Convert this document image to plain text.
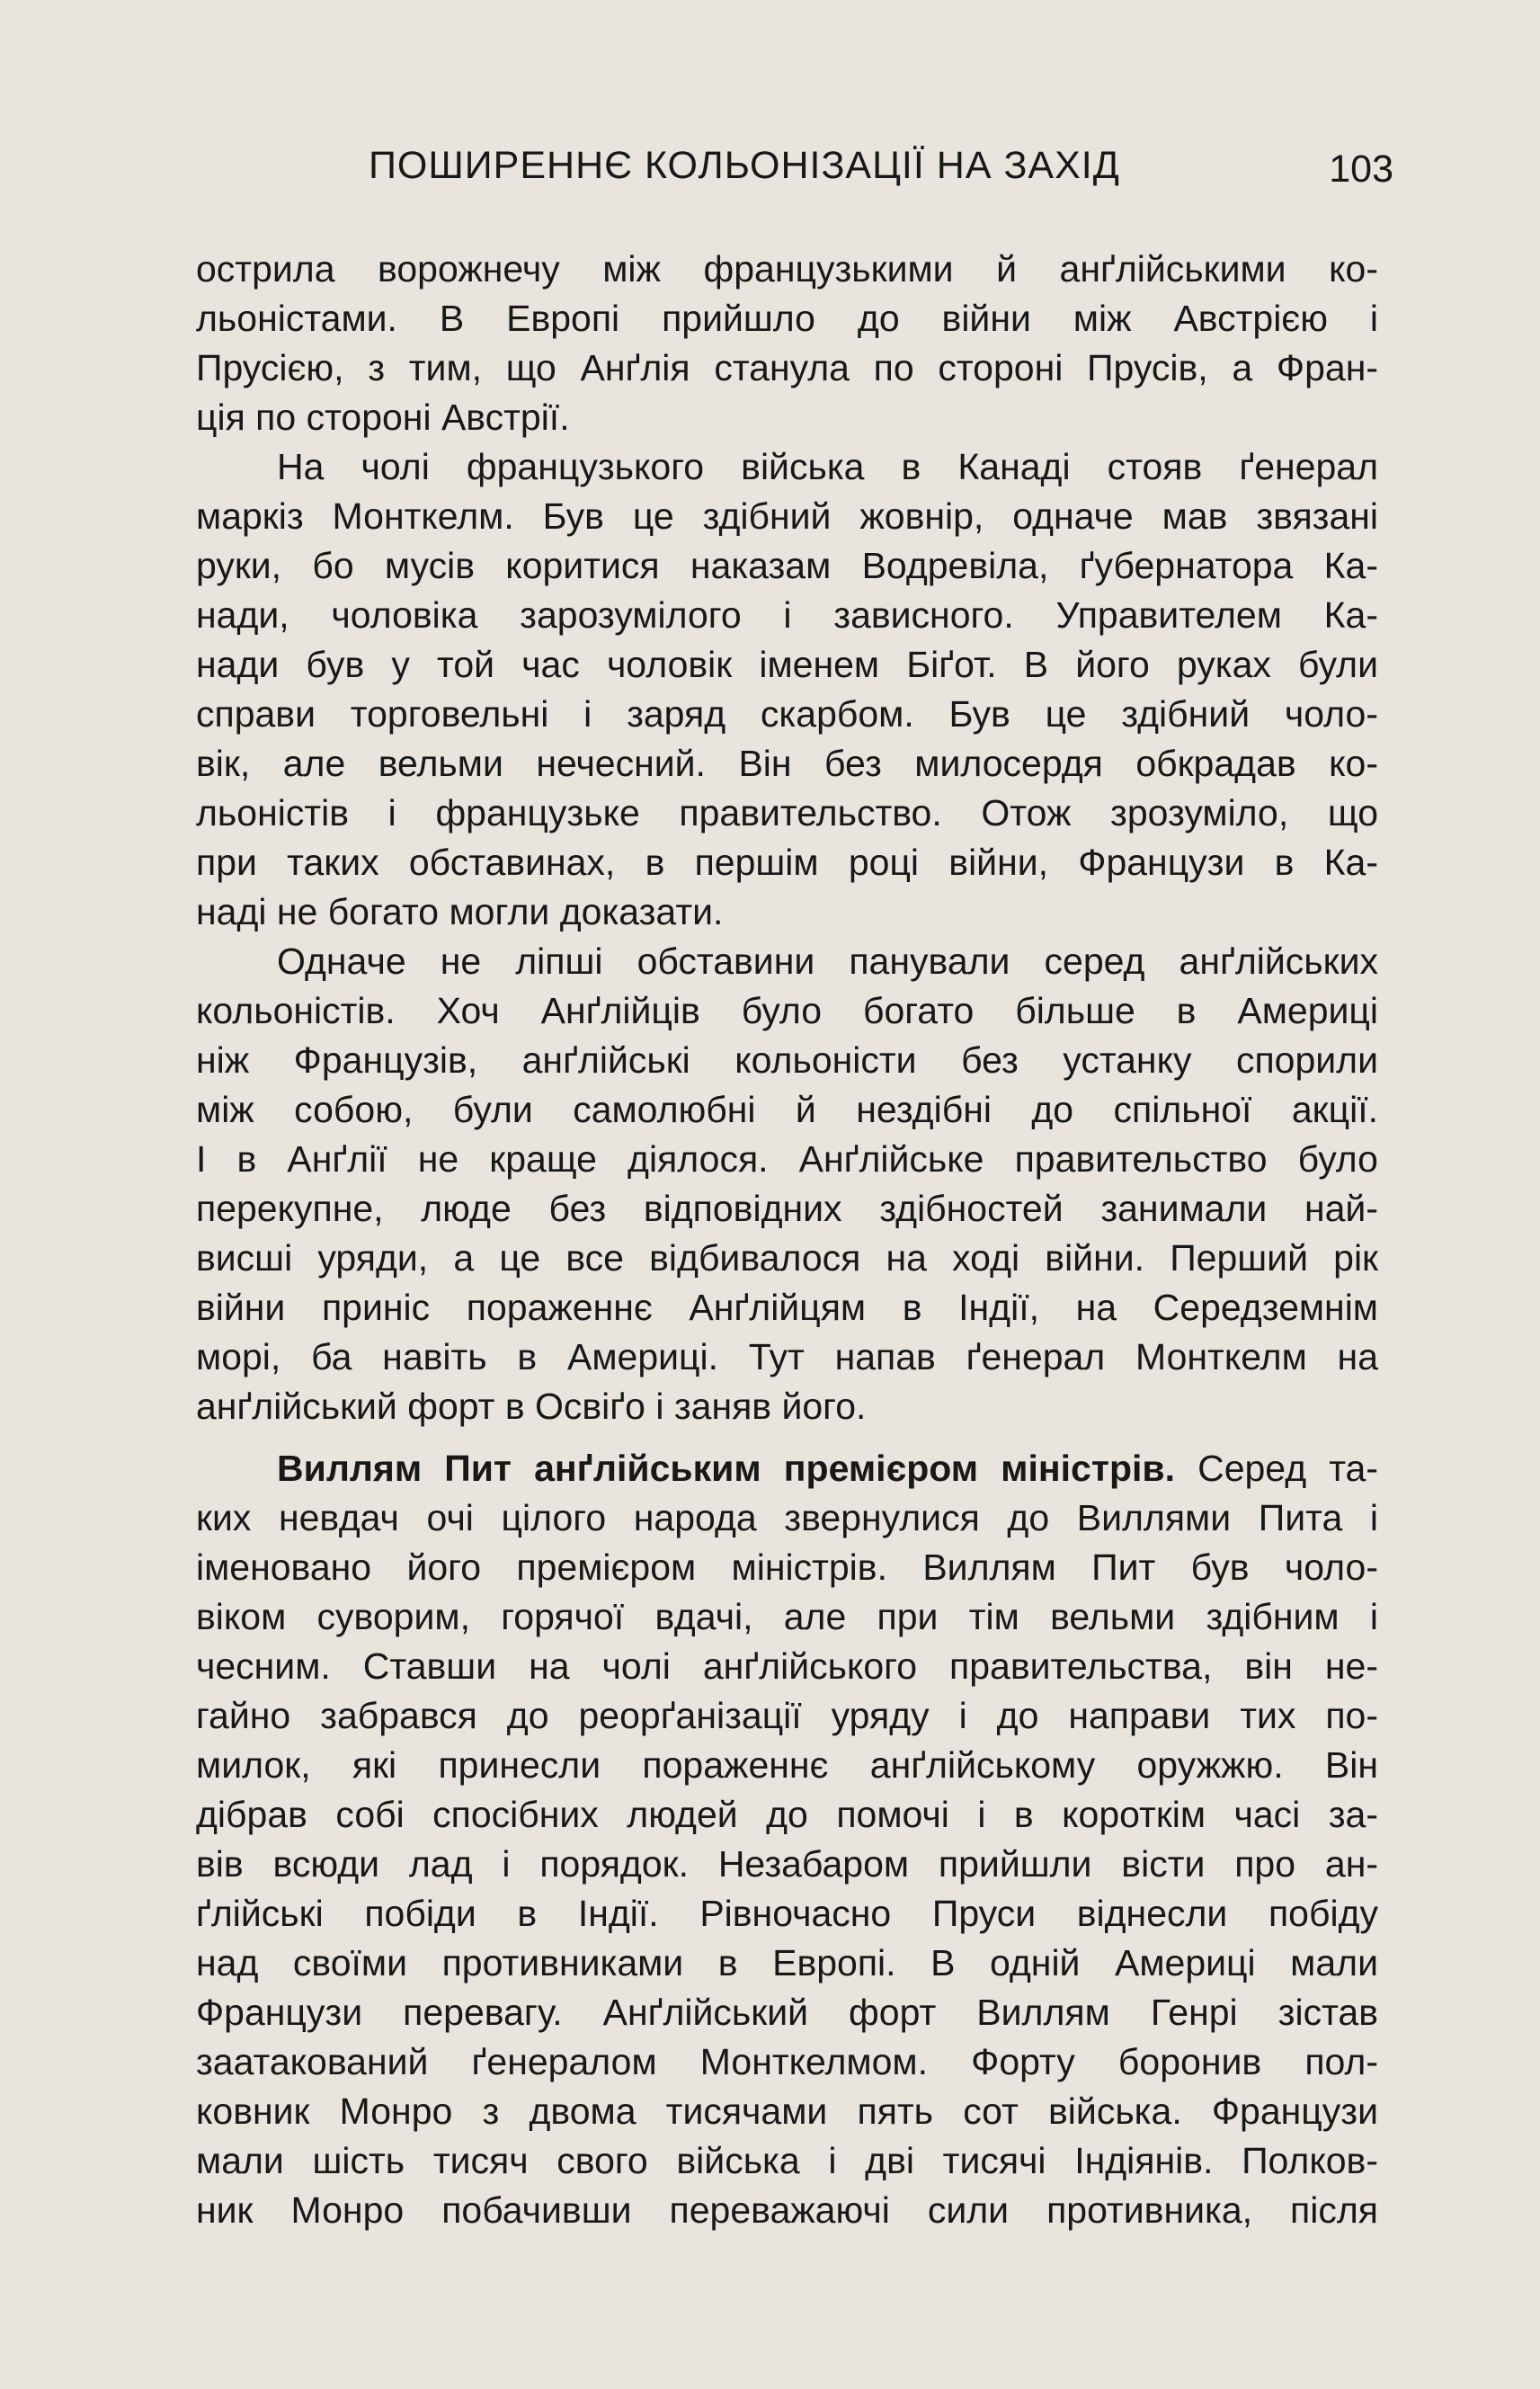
ПОШИРЕННЄ КОЛЬОНІЗАЦІЇ НА ЗАХІД	103
острила ворожнечу між французькими й анґлійськими ко-
льоністами. В Европі прийшло до війни між Австрією і
Прусією, з тим, що Анґлія станула по стороні Прусів, а Фран-
ція по стороні Австрії.
На чолі французького війська в Канаді стояв ґенерал
маркіз Монткелм. Був це здібний жовнір, одначе мав звязані
руки, бо мусів коритися наказам Водревіла, ґубернатора Ка-
нади, чоловіка зарозумілого і зависного. Управителем Ка-
нади був у той час чоловік іменем Біґот. В його руках були
справи торговельні і заряд скарбом. Був це здібний чоло-
вік, але вельми нечесний. Він без милосердя обкрадав ко-
льоністів і французьке правительство. Отож зрозуміло, що
при таких обставинах, в першім році війни, Французи в Ка-
наді не богато могли доказати.
Одначе не ліпші обставини панували серед анґлійських
кольоністів. Хоч Анґлійців було богато більше в Америці
ніж Французів, анґлійські кольоністи без устанку спорили
між собою, були самолюбні й нездібні до спільної акції.
І в Анґлії не краще діялося. Анґлійське правительство було
перекупне, люде без відповідних здібностей занимали най-
висші уряди, а це все відбивалося на ході війни. Перший рік
війни приніс пораженнє Анґлійцям в Індії, на Середземнім
морі, ба навіть в Америці. Тут напав ґенерал Монткелм на
анґлійський форт в Освіґо і заняв його.
Виллям Пит анґлійським премієром міністрів. Серед та-
ких невдач очі цілого народа звернулися до Виллями Пита і
іменовано його премієром міністрів. Виллям Пит був чоло-
віком суворим, горячої вдачі, але при тім вельми здібним і
чесним. Ставши на чолі анґлійського правительства, він не-
гайно забрався до реорґанізації уряду і до направи тих по-
милок, які принесли пораженнє анґлійському оружжю. Він
дібрав собі спосібних людей до помочі і в короткім часі за-
вів всюди лад і порядок. Незабаром прийшли вісти про ан-
ґлійські побіди в Індії. Рівночасно Пруси віднесли побіду
над своїми противниками в Европі. В одній Америці мали
Французи перевагу. Анґлійський форт Виллям Генрі зістав
заатакований ґенералом Монткелмом. Форту боронив пол-
ковник Монро з двома тисячами пять сот війська. Французи
мали шість тисяч свого війська і дві тисячі Індіянів. Полков-
ник Монро побачивши переважаючі сили противника, після
